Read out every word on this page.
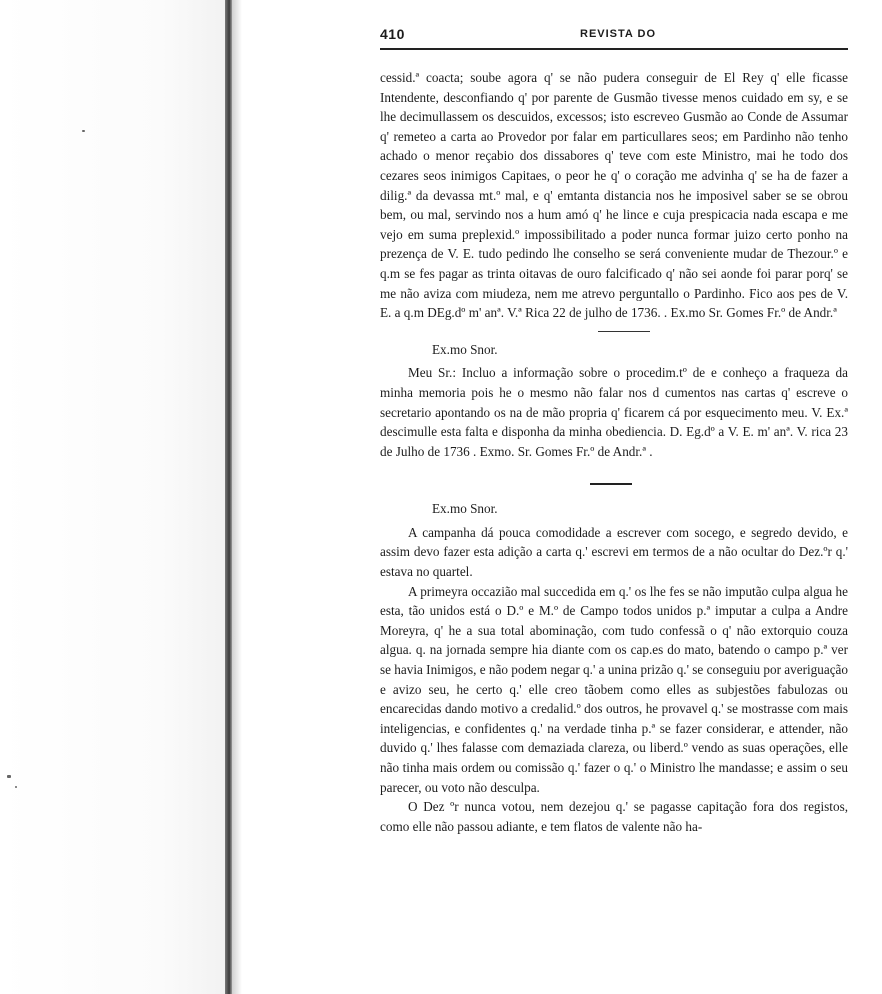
410	REVISTA DO

cessid.ª coacta; soube agora q' se não pudera conseguir de El Rey q' elle ficasse Intendente, desconfiando q' por parente de Gusmão tivesse menos cuidado em sy, e se lhe decimullassem os descuidos, excessos; isto escreveo Gusmão ao Conde de Assumar q' remeteo a carta ao Provedor por falar em particullares seos; em Pardinho não tenho achado o menor reçabio dos dissabores q' teve com este Ministro, mai he todo dos cezares seos inimigos Capitaes, o peor he q' o coração me advinha q' se ha de fazer a dilig.ª da devassa mt.º mal, e q' emtanta distancia nos he imposivel saber se se obrou bem, ou mal, servindo nos a hum amó q' he lince e cuja prespicacia nada escapa e me vejo em suma preplexid.º impossibilitado a poder nunca formar juizo certo ponho na prezença de V. E. tudo pedindo lhe conselho se será conveniente mudar de Thezour.º e q.m se fes pagar as trinta oitavas de ouro falcificado q' não sei aonde foi parar porq' se me não aviza com miudeza, nem me atrevo perguntallo o Pardinho. Fico aos pes de V. E. a q.m DEg.dº m' anª. V.ª Rica 22 de julho de 1736. . Ex.mo Sr. Gomes Fr.º de Andr.ª

Ex.mo Snor.

Meu Sr.: Incluo a informação sobre o procedim.tº de e conheço a fraqueza da minha memoria pois he o mesmo não falar nos d cumentos nas cartas q' escreve o secretario apontando os na de mão propria q' ficarem cá por esquecimento meu. V. Ex.ª descimulle esta falta e disponha da minha obediencia. D. Eg.dº a V. E. m' anª. V. rica 23 de Julho de 1736 . Exmo. Sr. Gomes Fr.º de Andr.ª .

Ex.mo Snor.

A campanha dá pouca comodidade a escrever com socego, e segredo devido, e assim devo fazer esta adição a carta q.' escrevi em termos de a não ocultar do Dez.ºr q.' estava no quartel.

A primeyra occazião mal succedida em q.' os lhe fes se não imputão culpa algua he esta, tão unidos está o D.º e M.º de Campo todos unidos p.ª imputar a culpa a Andre Moreyra, q' he a sua total abominação, com tudo confessã o q' não extorquio couza algua. q. na jornada sempre hia diante com os cap.es do mato, batendo o campo p.ª ver se havia Inimigos, e não podem negar q.' a unina prizão q.' se conseguiu por averiguação e avizo seu, he certo q.' elle creo tãobem como elles as subjestões fabulozas ou encarecidas dando motivo a credalid.º dos outros, he provavel q.' se mostrasse com mais inteligencias, e confidentes q.' na verdade tinha p.ª se fazer considerar, e attender, não duvido q.' lhes falasse com demaziada clareza, ou liberd.º vendo as suas operações, elle não tinha mais ordem ou comissão q.' fazer o q.' o Ministro lhe mandasse; e assim o seu parecer, ou voto não desculpa.

O Dez ºr nunca votou, nem dezejou q.' se pagasse capitação fora dos registos, como elle não passou adiante, e tem flatos de valente não ha-
